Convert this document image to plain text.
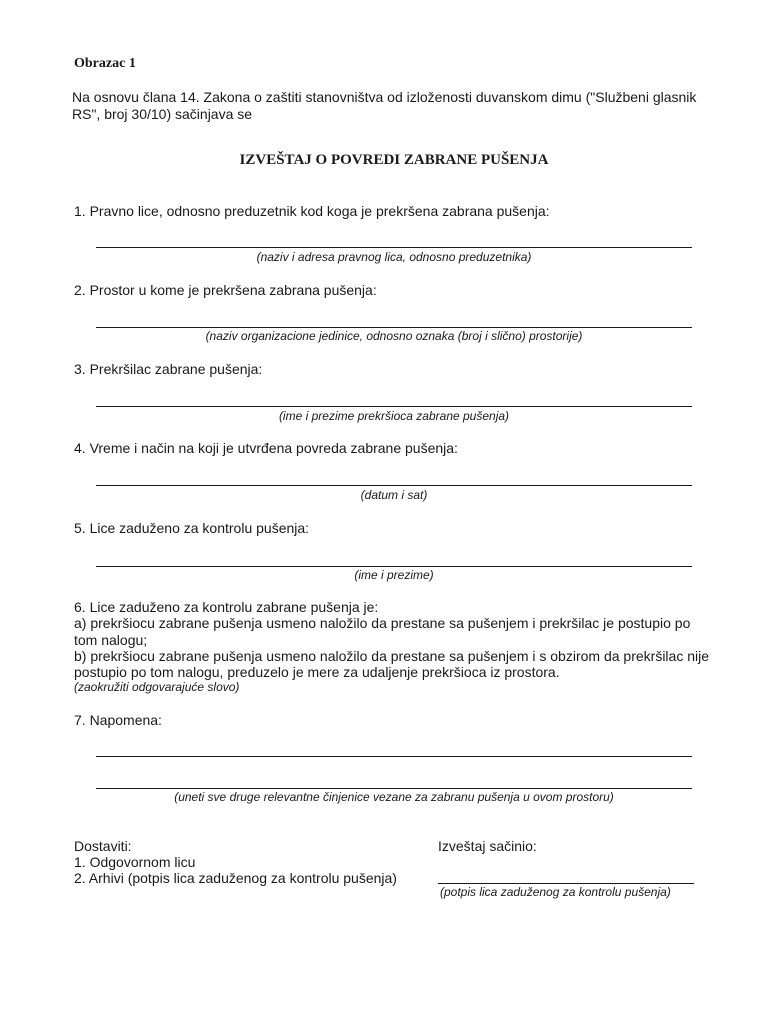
Obrazac 1
Na osnovu člana 14. Zakona o zaštiti stanovništva od izloženosti duvanskom dimu ("Službeni glasnik
RS", broj 30/10) sačinjava se
IZVEŠTAJ O POVREDI ZABRANE PUŠENJA
1. Pravno lice, odnosno preduzetnik kod koga je prekršena zabrana pušenja:
(naziv i adresa pravnog lica, odnosno preduzetnika)
2. Prostor u kome je prekršena zabrana pušenja:
(naziv organizacione jedinice, odnosno oznaka (broj i slično) prostorije)
3. Prekršilac zabrane pušenja:
(ime i prezime prekršioca zabrane pušenja)
4. Vreme i način na koji je utvrđena povreda zabrane pušenja:
(datum i sat)
5. Lice zaduženo za kontrolu pušenja:
(ime i prezime)
6. Lice zaduženo za kontrolu zabrane pušenja je:
a) prekršiocu zabrane pušenja usmeno naložilo da prestane sa pušenjem i prekršilac je postupio po
tom nalogu;
b) prekršiocu zabrane pušenja usmeno naložilo da prestane sa pušenjem i s obzirom da prekršilac nije
postupio po tom nalogu, preduzelo je mere za udaljenje prekršioca iz prostora.
(zaokružiti odgovarajuće slovo)
7. Napomena:
(uneti sve druge relevantne činjenice vezane za zabranu pušenja u ovom prostoru)
Dostaviti:
1. Odgovornom licu
2. Arhivi (potpis lica zaduženog za kontrolu pušenja)
Izveštaj sačinio:
(potpis lica zaduženog za kontrolu pušenja)
